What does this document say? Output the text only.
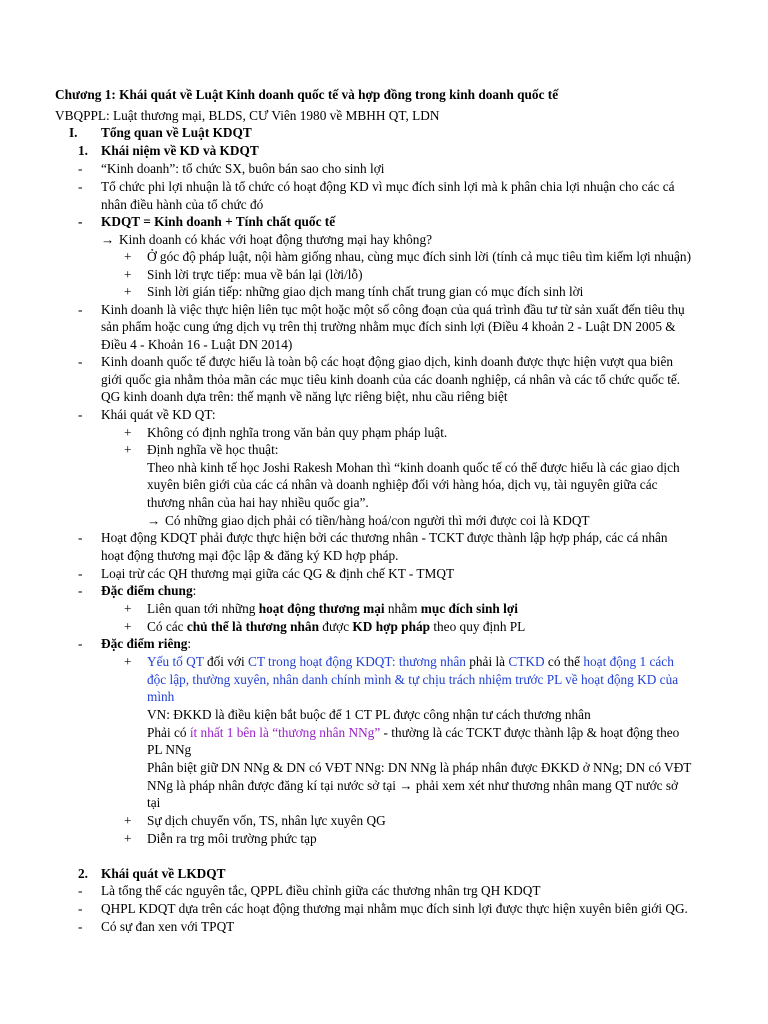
Chương 1: Khái quát về Luật Kinh doanh quốc tế và hợp đồng trong kinh doanh quốc tế
VBQPPL: Luật thương mại, BLDS, CƯ Viên 1980 về MBHH QT, LDN
I. Tổng quan về Luật KDQT
1. Khái niệm về KD và KDQT
- “Kinh doanh”: tổ chức SX, buôn bán sao cho sinh lợi
- Tổ chức phi lợi nhuận là tổ chức có hoạt động KD vì mục đích sinh lợi mà k phân chia lợi nhuận cho các cá
nhân điều hành của tổ chức đó
- KDQT = Kinh doanh + Tính chất quốc tế
→ Kinh doanh có khác với hoạt động thương mại hay không?
+ Ở góc độ pháp luật, nội hàm giống nhau, cùng mục đích sinh lời (tính cả mục tiêu tìm kiếm lợi nhuận)
+ Sinh lời trực tiếp: mua về bán lại (lời/lỗ)
+ Sinh lời gián tiếp: những giao dịch mang tính chất trung gian có mục đích sinh lời
- Kinh doanh là việc thực hiện liên tục một hoặc một số công đoạn của quá trình đầu tư từ sản xuất đến tiêu thụ
sản phẩm hoặc cung ứng dịch vụ trên thị trường nhằm mục đích sinh lợi (Điều 4 khoản 2 - Luật DN 2005 &
Điều 4 - Khoản 16 - Luật DN 2014)
- Kinh doanh quốc tế được hiểu là toàn bộ các hoạt động giao dịch, kinh doanh được thực hiện vượt qua biên
giới quốc gia nhằm thỏa mãn các mục tiêu kinh doanh của các doanh nghiệp, cá nhân và các tổ chức quốc tế.
QG kinh doanh dựa trên: thế mạnh về năng lực riêng biệt, nhu cầu riêng biệt
- Khái quát về KD QT:
+ Không có định nghĩa trong văn bản quy phạm pháp luật.
+ Định nghĩa về học thuật:
Theo nhà kinh tế học Joshi Rakesh Mohan thì “kinh doanh quốc tế có thể được hiểu là các giao dịch
xuyên biên giới của các cá nhân và doanh nghiệp đối với hàng hóa, dịch vụ, tài nguyên giữa các
thương nhân của hai hay nhiều quốc gia”.
→ Có những giao dịch phải có tiền/hàng hoá/con người thì mới được coi là KDQT
- Hoạt động KDQT phải được thực hiện bởi các thương nhân - TCKT được thành lập hợp pháp, các cá nhân
hoạt động thương mại độc lập & đăng ký KD hợp pháp.
- Loại trừ các QH thương mại giữa các QG & định chế KT - TMQT
- Đặc điểm chung:
+ Liên quan tới những hoạt động thương mại nhằm mục đích sinh lợi
+ Có các chủ thể là thương nhân được KD hợp pháp theo quy định PL
- Đặc điểm riêng:
+ Yếu tố QT đối với CT trong hoạt động KDQT: thương nhân phải là CTKD có thể hoạt động 1 cách
độc lập, thường xuyên, nhân danh chính mình & tự chịu trách nhiệm trước PL về hoạt động KD của
mình
VN: ĐKKD là điều kiện bắt buộc để 1 CT PL được công nhận tư cách thương nhân
Phải có ít nhất 1 bên là “thương nhân NNg” - thường là các TCKT được thành lập & hoạt động theo
PL NNg
Phân biệt giữ DN NNg & DN có VĐT NNg: DN NNg là pháp nhân được ĐKKD ở NNg; DN có VĐT
NNg là pháp nhân được đăng kí tại nước sở tại → phải xem xét như thương nhân mang QT nước sở
tại
+ Sự dịch chuyển vốn, TS, nhân lực xuyên QG
+ Diễn ra trg môi trường phức tạp
2. Khái quát về LKDQT
- Là tổng thể các nguyên tắc, QPPL điều chỉnh giữa các thương nhân trg QH KDQT
- QHPL KDQT dựa trên các hoạt động thương mại nhằm mục đích sinh lợi được thực hiện xuyên biên giới QG.
- Có sự đan xen với TPQT
